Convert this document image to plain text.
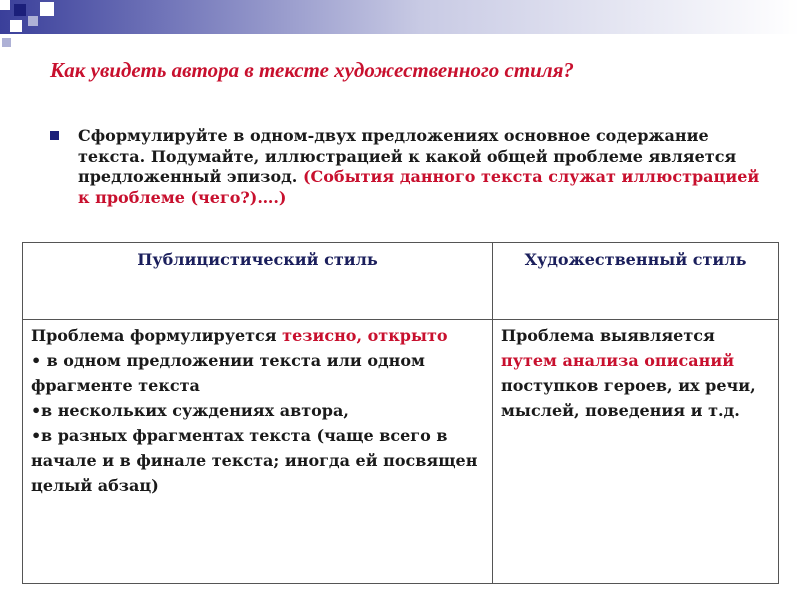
Как увидеть автора в тексте художественного стиля?
Сформулируйте в одном-двух предложениях основное содержание текста. Подумайте, иллюстрацией к какой общей проблеме является предложенный эпизод. (События данного текста служат иллюстрацией к проблеме (чего?)….)
Публицистический стиль	Художественный стиль

Проблема формулируется тезисно, открыто
• в одном предложении текста или одном фрагменте текста
•в нескольких суждениях автора,
•в разных фрагментах текста (чаще всего в начале и в финале текста; иногда ей посвящен целый абзац)	Проблема выявляется путем анализа описаний поступков героев, их речи, мыслей, поведения и т.д.
